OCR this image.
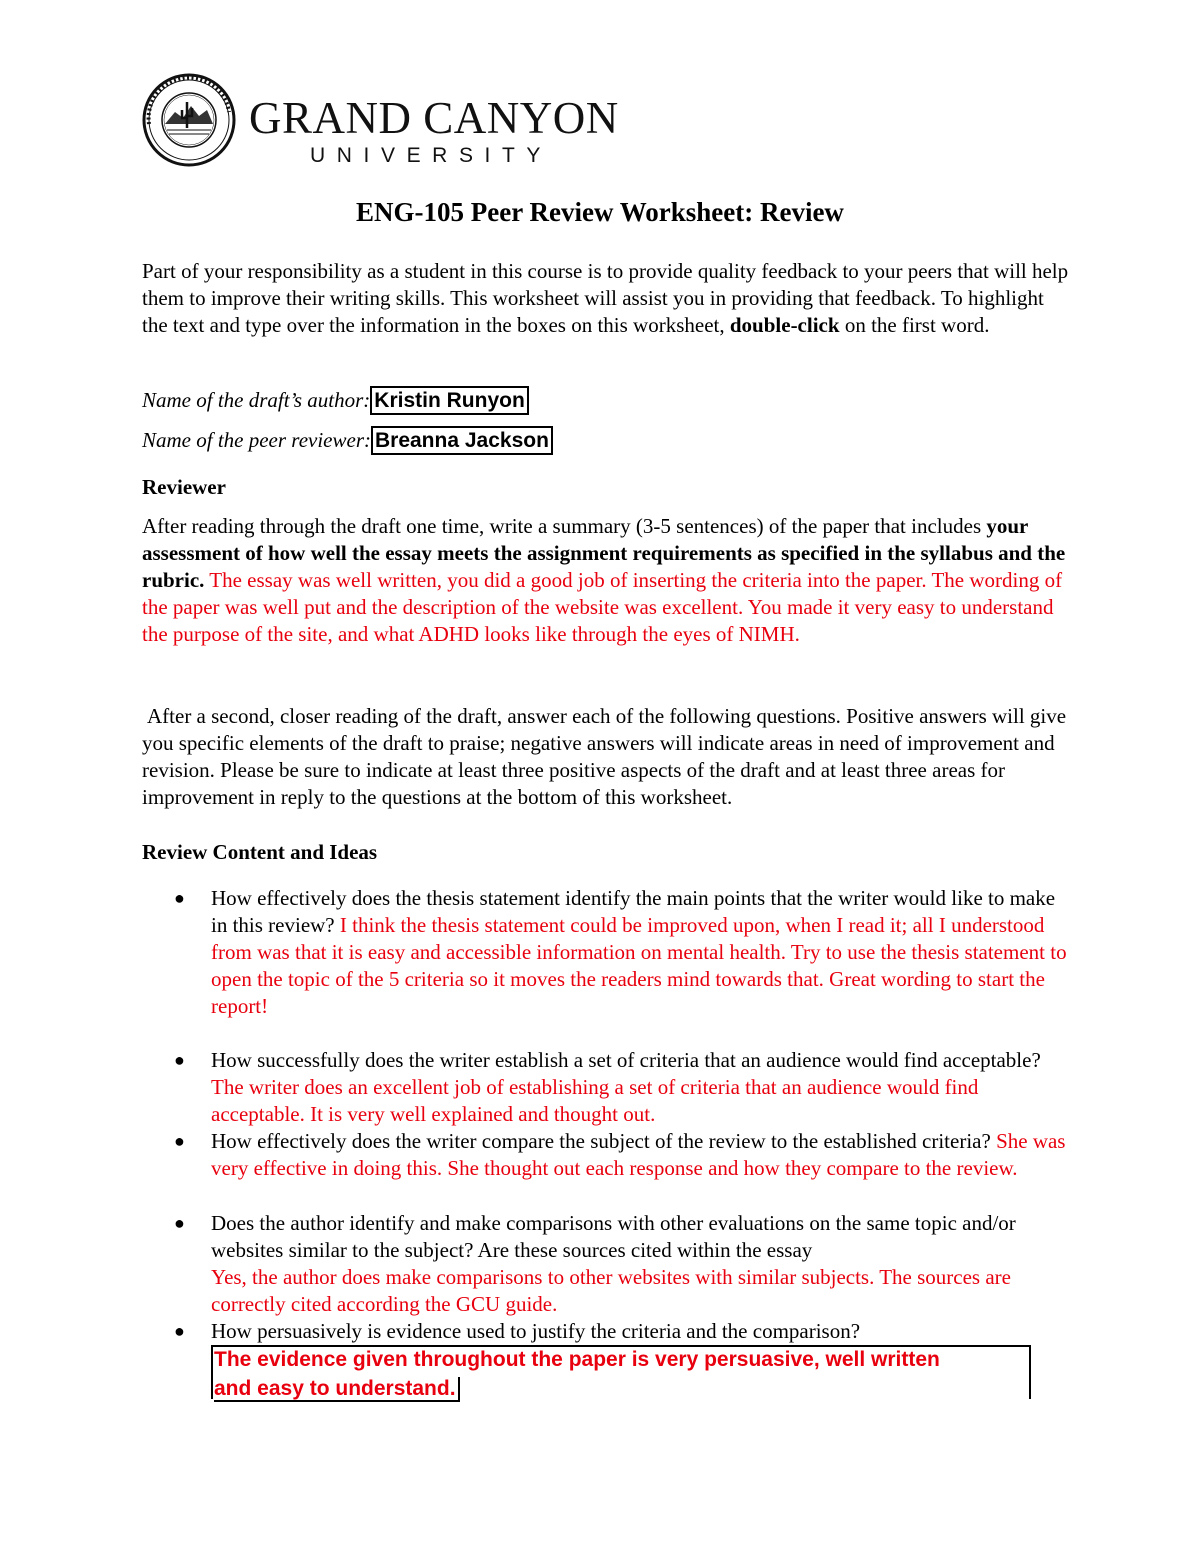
GRAND CANYON
UNIVERSITY
ENG-105 Peer Review Worksheet: Review
Part of your responsibility as a student in this course is to provide quality feedback to your peers that will help them to improve their writing skills. This worksheet will assist you in providing that feedback. To highlight the text and type over the information in the boxes on this worksheet, double-click on the first word.
Name of the draft’s author: Kristin Runyon
Name of the peer reviewer: Breanna Jackson
Reviewer
After reading through the draft one time, write a summary (3-5 sentences) of the paper that includes your assessment of how well the essay meets the assignment requirements as specified in the syllabus and the rubric. The essay was well written, you did a good job of inserting the criteria into the paper. The wording of the paper was well put and the description of the website was excellent. You made it very easy to understand the purpose of the site, and what ADHD looks like through the eyes of NIMH.
After a second, closer reading of the draft, answer each of the following questions. Positive answers will give you specific elements of the draft to praise; negative answers will indicate areas in need of improvement and revision. Please be sure to indicate at least three positive aspects of the draft and at least three areas for improvement in reply to the questions at the bottom of this worksheet.
Review Content and Ideas
● How effectively does the thesis statement identify the main points that the writer would like to make in this review? I think the thesis statement could be improved upon, when I read it; all I understood from was that it is easy and accessible information on mental health. Try to use the thesis statement to open the topic of the 5 criteria so it moves the readers mind towards that. Great wording to start the report!
● How successfully does the writer establish a set of criteria that an audience would find acceptable? The writer does an excellent job of establishing a set of criteria that an audience would find acceptable. It is very well explained and thought out.
● How effectively does the writer compare the subject of the review to the established criteria? She was very effective in doing this. She thought out each response and how they compare to the review.
● Does the author identify and make comparisons with other evaluations on the same topic and/or websites similar to the subject? Are these sources cited within the essay
Yes, the author does make comparisons to other websites with similar subjects. The sources are correctly cited according the GCU guide.
● How persuasively is evidence used to justify the criteria and the comparison?
The evidence given throughout the paper is very persuasive, well written
and easy to understand.
